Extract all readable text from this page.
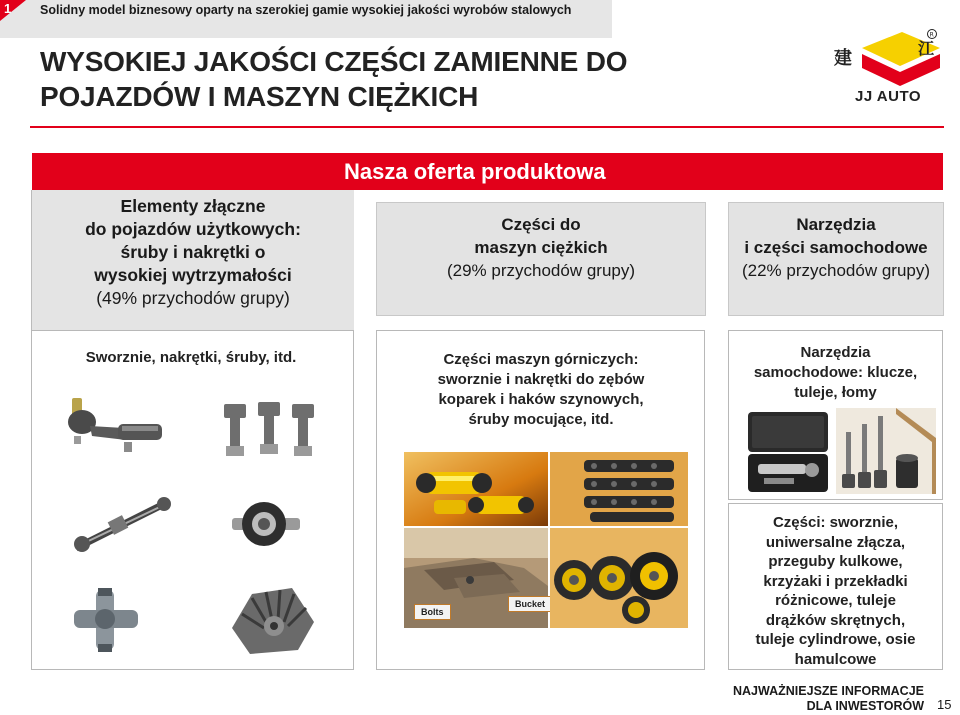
1 Solidny model biznesowy oparty na szerokiej gamie wysokiej jakości wyrobów stalowych
WYSOKIEJ JAKOŚCI CZĘŚCI ZAMIENNE DO
POJAZDÓW I MASZYN CIĘŻKICH
建	江
R
JJ AUTO
Nasza oferta produktowa
Elementy złączne
do pojazdów użytkowych:
śruby i nakrętki o
wysokiej wytrzymałości
(49% przychodów grupy)
Części do
maszyn ciężkich
(29% przychodów grupy)
Narzędzia
i części samochodowe
(22% przychodów grupy)
Sworznie, nakrętki, śruby, itd.	Części maszyn górniczych:
sworznie i nakrętki do zębów
koparek i haków szynowych,
śruby mocujące, itd.
Bolts
Bucket
Narzędzia
samochodowe: klucze,
tuleje, łomy
Części: sworznie,
uniwersalne złącza,
przeguby kulkowe,
krzyżaki i przekładki
różnicowe, tuleje
drążków skrętnych,
tuleje cylindrowe, osie
hamulcowe
NAJWAŻNIEJSZE INFORMACJE
DLA INWESTORÓW 15
